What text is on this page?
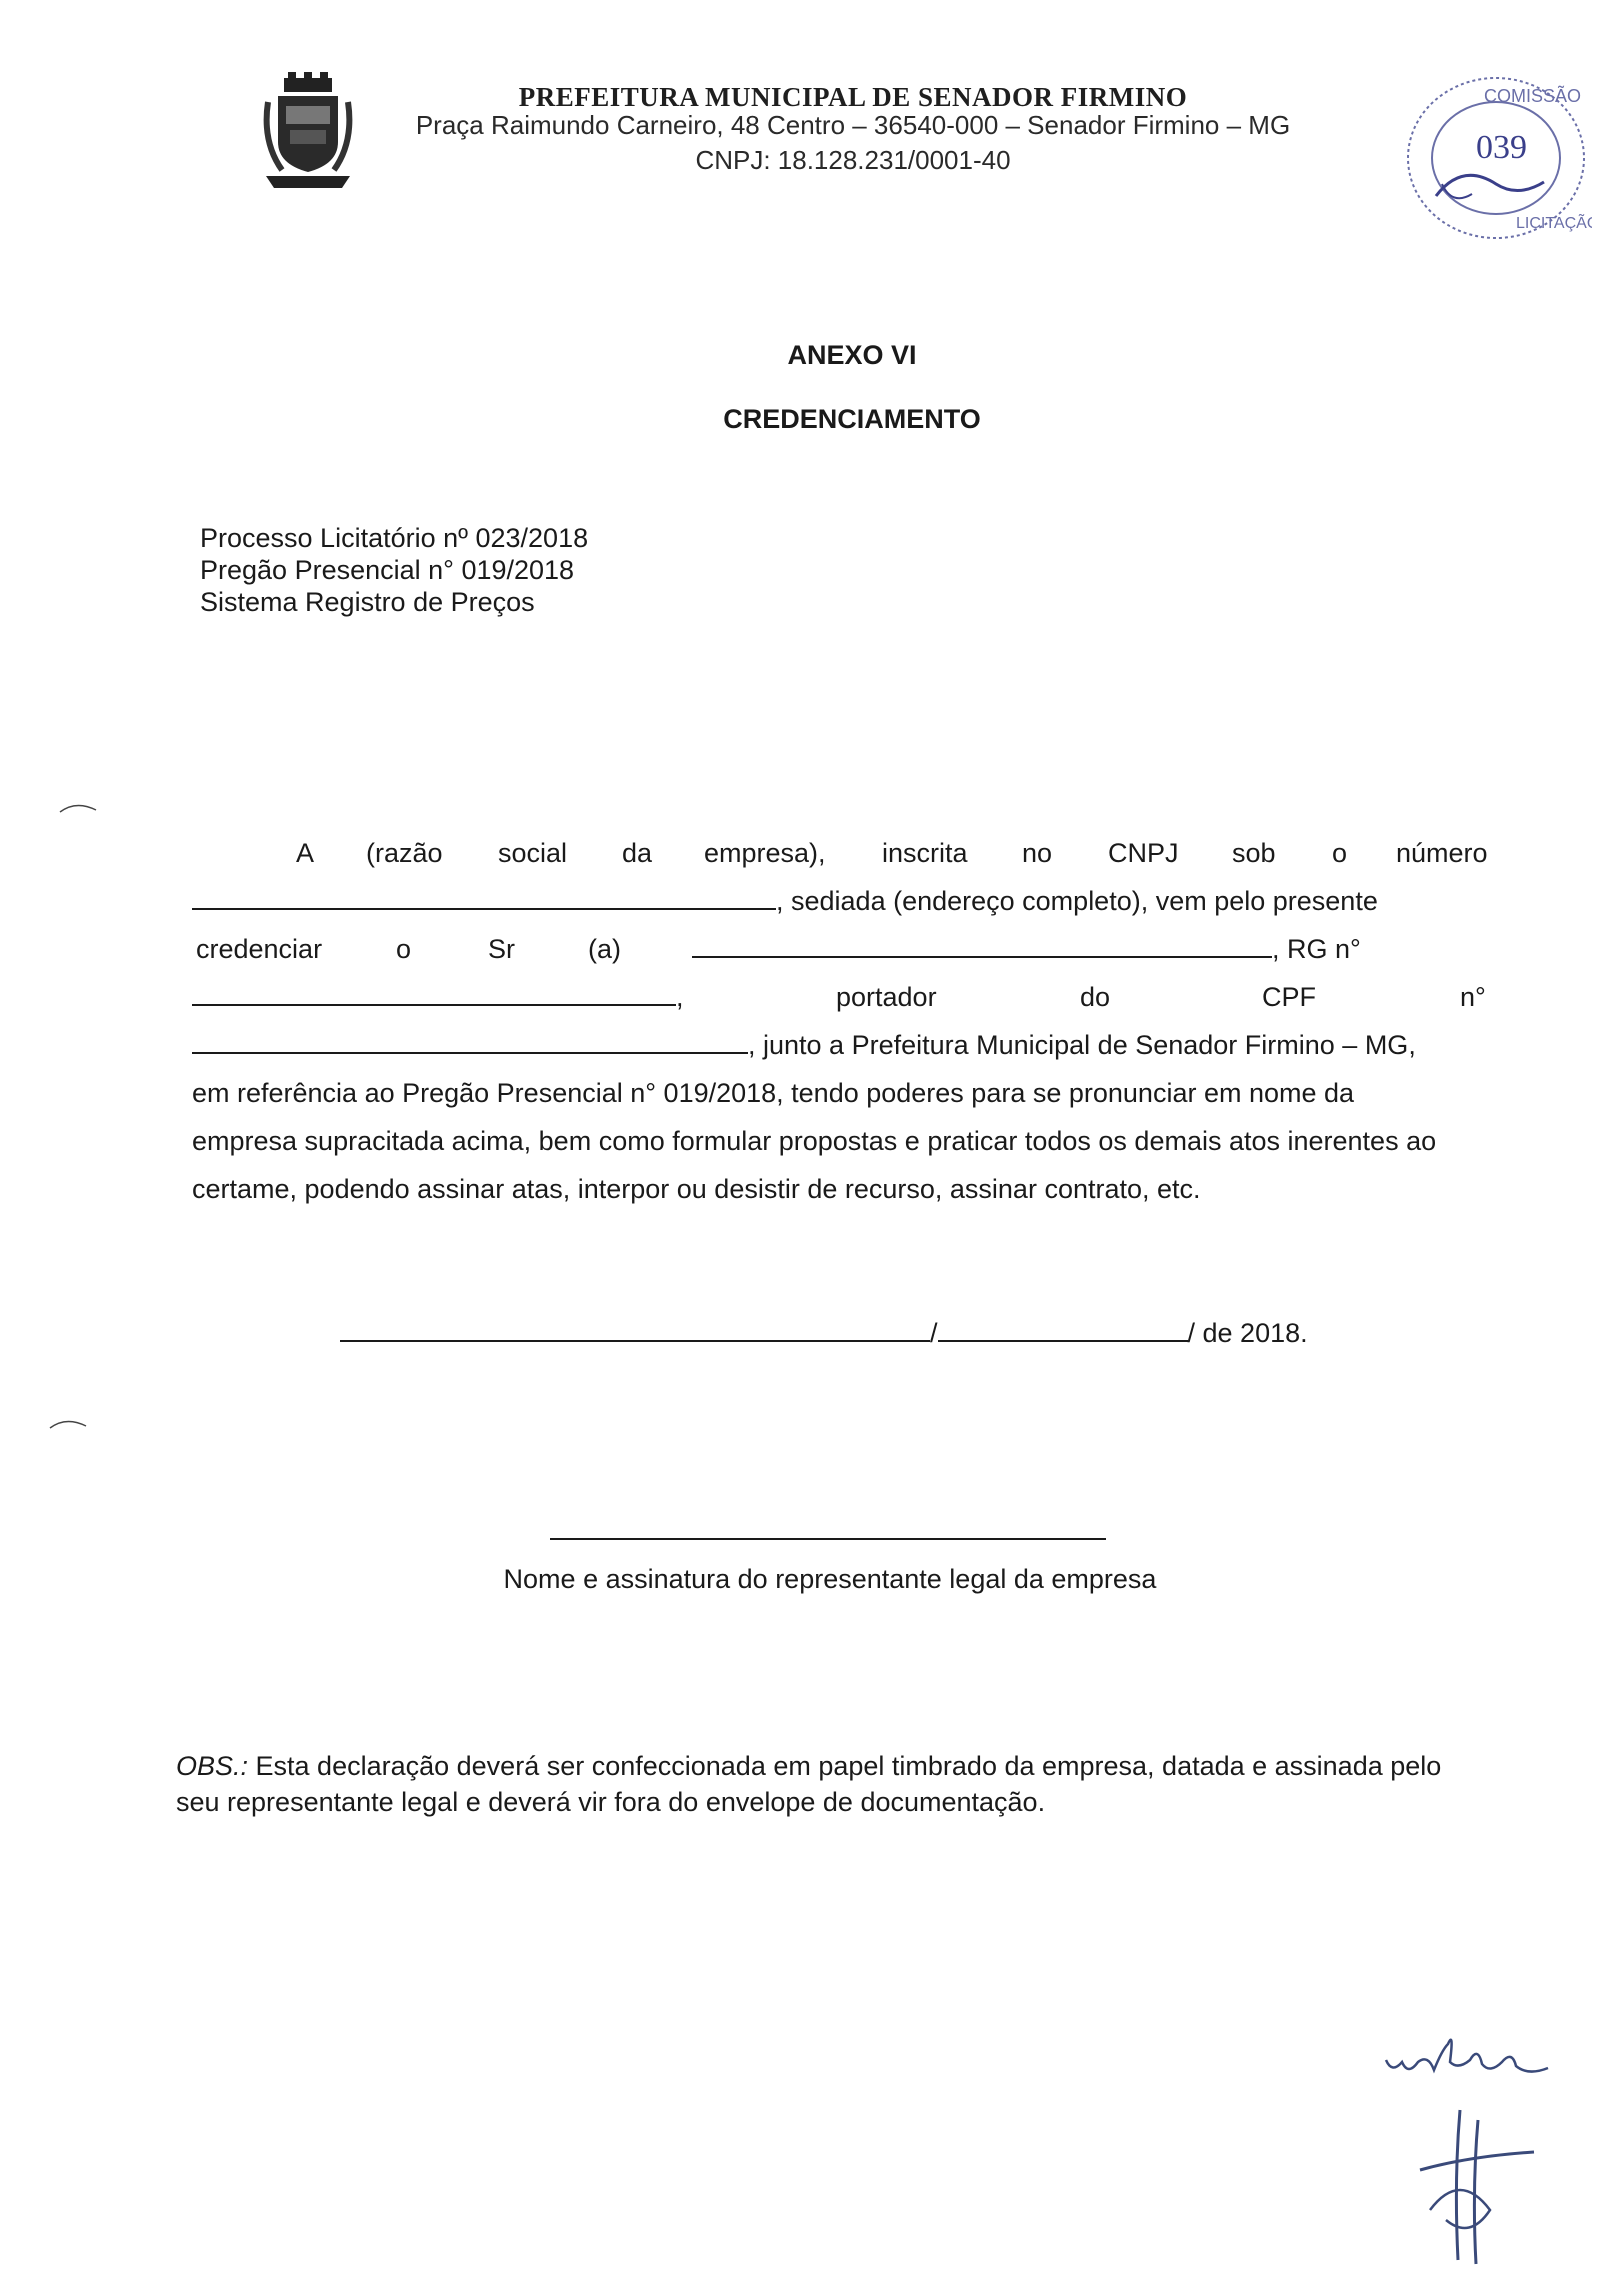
PREFEITURA MUNICIPAL DE SENADOR FIRMINO
Praça Raimundo Carneiro, 48 Centro – 36540-000 – Senador Firmino – MG
CNPJ: 18.128.231/0001-40
COMISSÃO
LICITAÇÃO
039
ANEXO VI
CREDENCIAMENTO
Processo Licitatório nº 023/2018
Pregão Presencial n° 019/2018
Sistema Registro de Preços
A (razão social da empresa), inscrita no CNPJ sob o número
, sediada (endereço completo), vem pelo presente
credenciar	o	Sr	(a)	, RG n°
,	portador	do	CPF	n°
, junto a Prefeitura Municipal de Senador Firmino – MG,
em referência ao Pregão Presencial n° 019/2018, tendo poderes para se pronunciar em nome da
empresa supracitada acima, bem como formular propostas e praticar todos os demais atos inerentes ao
certame, podendo assinar atas, interpor ou desistir de recurso, assinar contrato, etc.
/	/ de 2018.
Nome e assinatura do representante legal da empresa
OBS.: Esta declaração deverá ser confeccionada em papel timbrado da empresa, datada e assinada pelo seu representante legal e deverá vir fora do envelope de documentação.
